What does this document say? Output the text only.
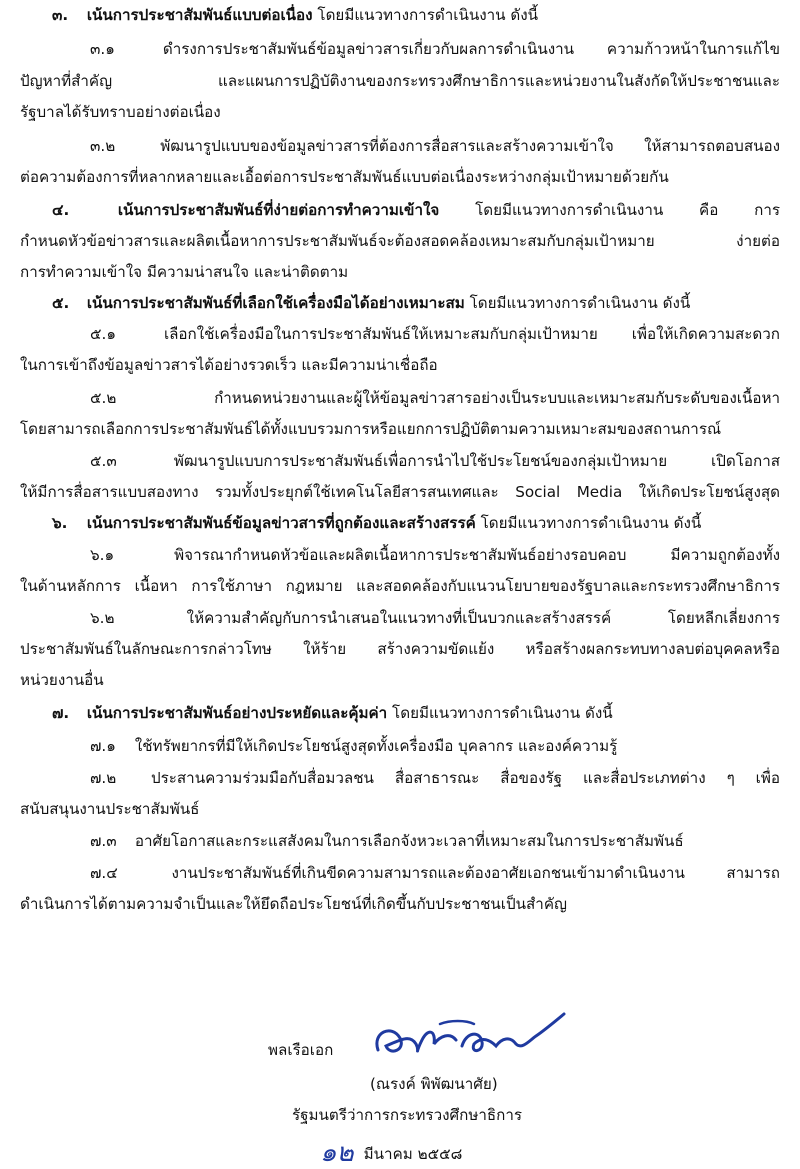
๓. เน้นการประชาสัมพันธ์แบบต่อเนื่อง โดยมีแนวทางการดำเนินงาน ดังนี้
๓.๑	ดำรงการประชาสัมพันธ์ข้อมูลข่าวสารเกี่ยวกับผลการดำเนินงาน ความก้าวหน้าในการแก้ไข
ปัญหาที่สำคัญ และแผนการปฏิบัติงานของกระทรวงศึกษาธิการและหน่วยงานในสังกัดให้ประชาชนและ
รัฐบาลได้รับทราบอย่างต่อเนื่อง
๓.๒	พัฒนารูปแบบของข้อมูลข่าวสารที่ต้องการสื่อสารและสร้างความเข้าใจ ให้สามารถตอบสนอง
ต่อความต้องการที่หลากหลายและเอื้อต่อการประชาสัมพันธ์แบบต่อเนื่องระหว่างกลุ่มเป้าหมายด้วยกัน
๔.	เน้นการประชาสัมพันธ์ที่ง่ายต่อการทำความเข้าใจ โดยมีแนวทางการดำเนินงาน คือ การ
กำหนดหัวข้อข่าวสารและผลิตเนื้อหาการประชาสัมพันธ์จะต้องสอดคล้องเหมาะสมกับกลุ่มเป้าหมาย ง่ายต่อ
การทำความเข้าใจ มีความน่าสนใจ และน่าติดตาม
๕. เน้นการประชาสัมพันธ์ที่เลือกใช้เครื่องมือได้อย่างเหมาะสม โดยมีแนวทางการดำเนินงาน ดังนี้
๕.๑	เลือกใช้เครื่องมือในการประชาสัมพันธ์ให้เหมาะสมกับกลุ่มเป้าหมาย เพื่อให้เกิดความสะดวก
ในการเข้าถึงข้อมูลข่าวสารได้อย่างรวดเร็ว และมีความน่าเชื่อถือ
๕.๒	กำหนดหน่วยงานและผู้ให้ข้อมูลข่าวสารอย่างเป็นระบบและเหมาะสมกับระดับของเนื้อหา
โดยสามารถเลือกการประชาสัมพันธ์ได้ทั้งแบบรวมการหรือแยกการปฏิบัติตามความเหมาะสมของสถานการณ์
๕.๓	พัฒนารูปแบบการประชาสัมพันธ์เพื่อการนำไปใช้ประโยชน์ของกลุ่มเป้าหมาย เปิดโอกาส
ให้มีการสื่อสารแบบสองทาง รวมทั้งประยุกต์ใช้เทคโนโลยีสารสนเทศและ Social Media ให้เกิดประโยชน์สูงสุด
๖. เน้นการประชาสัมพันธ์ข้อมูลข่าวสารที่ถูกต้องและสร้างสรรค์ โดยมีแนวทางการดำเนินงาน ดังนี้
๖.๑	พิจารณากำหนดหัวข้อและผลิตเนื้อหาการประชาสัมพันธ์อย่างรอบคอบ มีความถูกต้องทั้ง
ในด้านหลักการ เนื้อหา การใช้ภาษา กฎหมาย และสอดคล้องกับแนวนโยบายของรัฐบาลและกระทรวงศึกษาธิการ
๖.๒	ให้ความสำคัญกับการนำเสนอในแนวทางที่เป็นบวกและสร้างสรรค์ โดยหลีกเลี่ยงการ
ประชาสัมพันธ์ในลักษณะการกล่าวโทษ ให้ร้าย สร้างความขัดแย้ง หรือสร้างผลกระทบทางลบต่อบุคคลหรือ
หน่วยงานอื่น
๗. เน้นการประชาสัมพันธ์อย่างประหยัดและคุ้มค่า โดยมีแนวทางการดำเนินงาน ดังนี้
๗.๑ ใช้ทรัพยากรที่มีให้เกิดประโยชน์สูงสุดทั้งเครื่องมือ บุคลากร และองค์ความรู้
๗.๒ ประสานความร่วมมือกับสื่อมวลชน สื่อสาธารณะ สื่อของรัฐ และสื่อประเภทต่าง ๆ เพื่อ
สนับสนุนงานประชาสัมพันธ์
๗.๓ อาศัยโอกาสและกระแสสังคมในการเลือกจังหวะเวลาที่เหมาะสมในการประชาสัมพันธ์
๗.๔	งานประชาสัมพันธ์ที่เกินขีดความสามารถและต้องอาศัยเอกชนเข้ามาดำเนินงาน สามารถ
ดำเนินการได้ตามความจำเป็นและให้ยึดถือประโยชน์ที่เกิดขึ้นกับประชาชนเป็นสำคัญ
พลเรือเอก
(ณรงค์ พิพัฒนาศัย)
รัฐมนตรีว่าการกระทรวงศึกษาธิการ
๑๒ มีนาคม ๒๕๕๘
